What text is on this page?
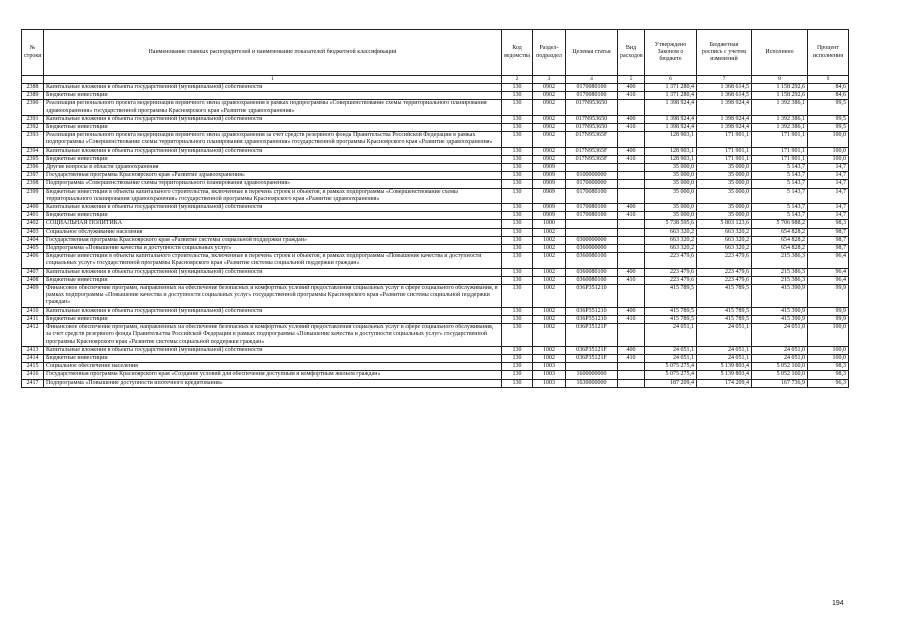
№ строки	Наименование главных распорядителей и наименование показателей бюджетной классификации	Код ведомства	Раздел-подраздел	Целевая статья	Вид расходов	Утверждено Законом о бюджете	Бюджетная роспись с учетом изменений	Исполнено	Процент исполнения
	1	2	3	4	5	6	7	8	9
2388	Капитальные вложения в объекты государственной (муниципальной) собственности	130	0902	0170080100	400	1 371 280,4	1 368 614,5	1 158 292,6	84,6
2389	Бюджетные инвестиции	130	0902	0170080100	410	1 371 280,4	1 368 614,5	1 158 292,6	84,6
2390	Реализация регионального проекта модернизации первичного звена здравоохранения в рамках подпрограммы «Совершенствование схемы территориального планирования здравоохранения» государственной программы Красноярского края «Развитие здравоохранения»	130	0902	017N953650		1 398 924,4	1 398 924,4	1 392 386,1	99,5
2391	Капитальные вложения в объекты государственной (муниципальной) собственности	130	0902	017N953650	400	1 398 924,4	1 398 924,4	1 392 386,1	99,5
2392	Бюджетные инвестиции	130	0902	017N953650	410	1 398 924,4	1 398 924,4	1 392 386,1	99,5
2393	Реализация регионального проекта модернизации первичного звена здравоохранения за счет средств резервного фонда Правительства Российской Федерации в рамках подпрограммы «Совершенствование схемы территориального планирования здравоохранения» государственной программы Красноярского края «Развитие здравоохранения»	130	0902	017N95365F		128 903,1	171 901,1	171 901,1	100,0
2394	Капитальные вложения в объекты государственной (муниципальной) собственности	130	0902	017N95365F	400	128 903,1	171 901,1	171 901,1	100,0
2395	Бюджетные инвестиции	130	0902	017N95365F	410	128 903,1	171 901,1	171 901,1	100,0
2396	Другие вопросы в области здравоохранения	130	0909			35 000,0	35 000,0	5 143,7	14,7
2397	Государственная программа Красноярского края «Развитие здравоохранения»	130	0909	0100000000		35 000,0	35 000,0	5 143,7	14,7
2398	Подпрограмма «Совершенствование схемы территориального планирования здравоохранения»	130	0909	0170000000		35 000,0	35 000,0	5 143,7	14,7
2399	Бюджетные инвестиции в объекты капитального строительства, включенные в перечень строек и объектов, в рамках подпрограммы «Совершенствование схемы территориального планирования здравоохранения» государственной программы Красноярского края «Развитие здравоохранения»	130	0909	0170080100		35 000,0	35 000,0	5 143,7	14,7
2400	Капитальные вложения в объекты государственной (муниципальной) собственности	130	0909	0170080100	400	35 000,0	35 000,0	5 143,7	14,7
2401	Бюджетные инвестиции	130	0909	0170080100	410	35 000,0	35 000,0	5 143,7	14,7
2402	СОЦИАЛЬНАЯ ПОЛИТИКА	130	1000			5 738 595,6	5 803 123,6	5 706 988,2	98,3
2403	Социальное обслуживание населения	130	1002			663 320,2	663 320,2	654 828,2	98,7
2404	Государственная программа Красноярского края «Развитие системы социальной поддержки граждан»	130	1002	0300000000		663 320,2	663 320,2	654 828,2	98,7
2405	Подпрограмма «Повышение качества и доступности социальных услуг»	130	1002	0360000000		663 320,2	663 320,2	654 828,2	98,7
2406	Бюджетные инвестиции в объекты капитального строительства, включенные в перечень строек и объектов, в рамках подпрограммы «Повышение качества и доступности социальных услуг» государственной программы Красноярского края «Развитие системы социальной поддержки граждан»	130	1002	0360080100		223 479,6	223 479,6	215 386,3	96,4
2407	Капитальные вложения в объекты государственной (муниципальной) собственности	130	1002	0360080100	400	223 479,6	223 479,6	215 386,3	96,4
2408	Бюджетные инвестиции	130	1002	0360080100	410	223 479,6	223 479,6	215 386,3	96,4
2409	Финансовое обеспечение программ, направленных на обеспечение безопасных и комфортных условий предоставления социальных услуг в сфере социального обслуживания, в рамках подпрограммы «Повышение качества и доступности социальных услуг» государственной программы Красноярского края «Развитие системы социальной поддержки граждан»	130	1002	036P351210		415 789,5	415 789,5	415 390,9	99,9
2410	Капитальные вложения в объекты государственной (муниципальной) собственности	130	1002	036P351210	400	415 789,5	415 789,5	415 390,9	99,9
2411	Бюджетные инвестиции	130	1002	036P351210	410	415 789,5	415 789,5	415 390,9	99,9
2412	Финансовое обеспечение программ, направленных на обеспечение безопасных и комфортных условий предоставления социальных услуг в сфере социального обслуживания, за счет средств резервного фонда Правительства Российской Федерации в рамках подпрограммы «Повышение качества и доступности социальных услуг» государственной программы Красноярского края «Развитие системы социальной поддержки граждан»	130	1002	036P35121F		24 051,1	24 051,1	24 051,0	100,0
2413	Капитальные вложения в объекты государственной (муниципальной) собственности	130	1002	036P35121F	400	24 051,1	24 051,1	24 051,0	100,0
2414	Бюджетные инвестиции	130	1002	036P35121F	410	24 051,1	24 051,1	24 051,0	100,0
2415	Социальное обеспечение населения	130	1003			5 075 275,4	5 139 803,4	5 052 160,0	98,3
2416	Государственная программа Красноярского края «Создание условий для обеспечения доступным и комфортным жильем граждан»	130	1003	1600000000		5 075 275,4	5 139 803,4	5 052 160,0	98,3
2417	Подпрограмма «Повышение доступности ипотечного кредитования»	130	1003	1630000000		187 209,4	174 209,4	167 736,9	96,3
194
